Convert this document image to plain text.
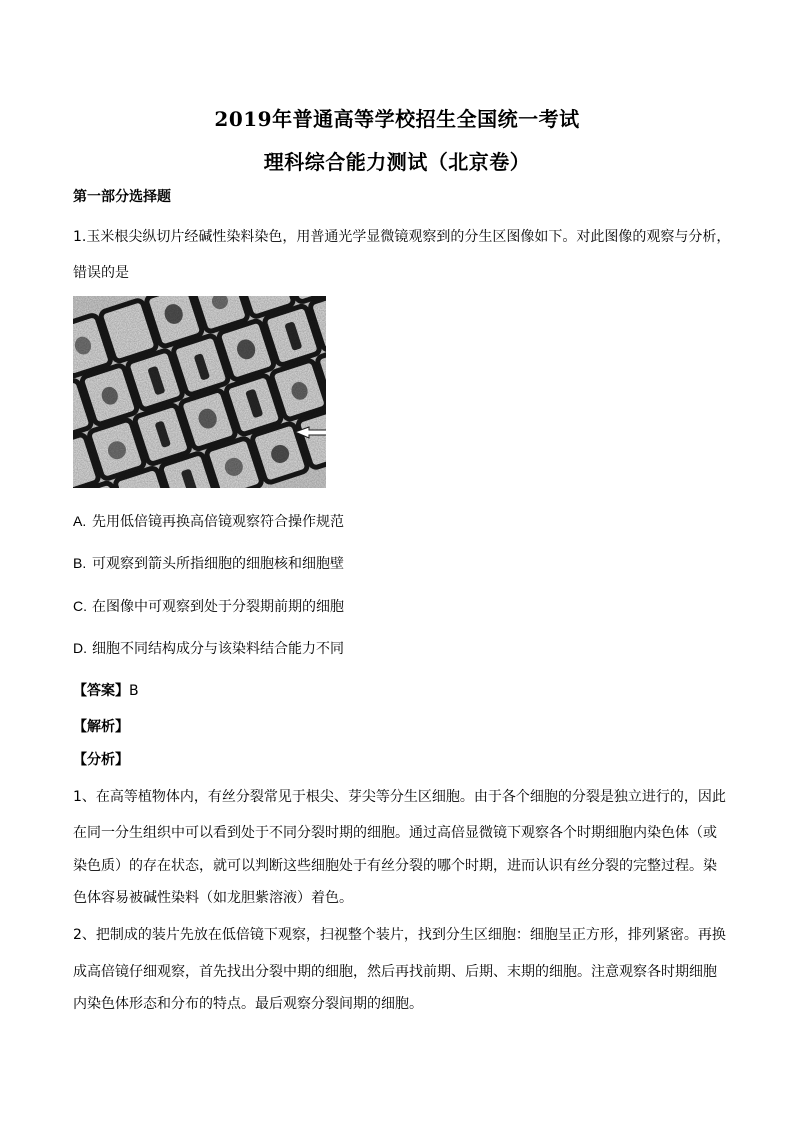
2019年普通高等学校招生全国统一考试
理科综合能力测试（北京卷）
第一部分选择题
1.玉米根尖纵切片经碱性染料染色，用普通光学显微镜观察到的分生区图像如下。对此图像的观察与分析，
错误的是
A. 先用低倍镜再换高倍镜观察符合操作规范
B. 可观察到箭头所指细胞的细胞核和细胞壁
C. 在图像中可观察到处于分裂期前期的细胞
D. 细胞不同结构成分与该染料结合能力不同
【答案】B
【解析】
【分析】
1、在高等植物体内，有丝分裂常见于根尖、芽尖等分生区细胞。由于各个细胞的分裂是独立进行的，因此
在同一分生组织中可以看到处于不同分裂时期的细胞。通过高倍显微镜下观察各个时期细胞内染色体（或
染色质）的存在状态，就可以判断这些细胞处于有丝分裂的哪个时期，进而认识有丝分裂的完整过程。染
色体容易被碱性染料（如龙胆紫溶液）着色。
2、把制成的装片先放在低倍镜下观察，扫视整个装片，找到分生区细胞：细胞呈正方形，排列紧密。再换
成高倍镜仔细观察，首先找出分裂中期的细胞，然后再找前期、后期、末期的细胞。注意观察各时期细胞
内染色体形态和分布的特点。最后观察分裂间期的细胞。
